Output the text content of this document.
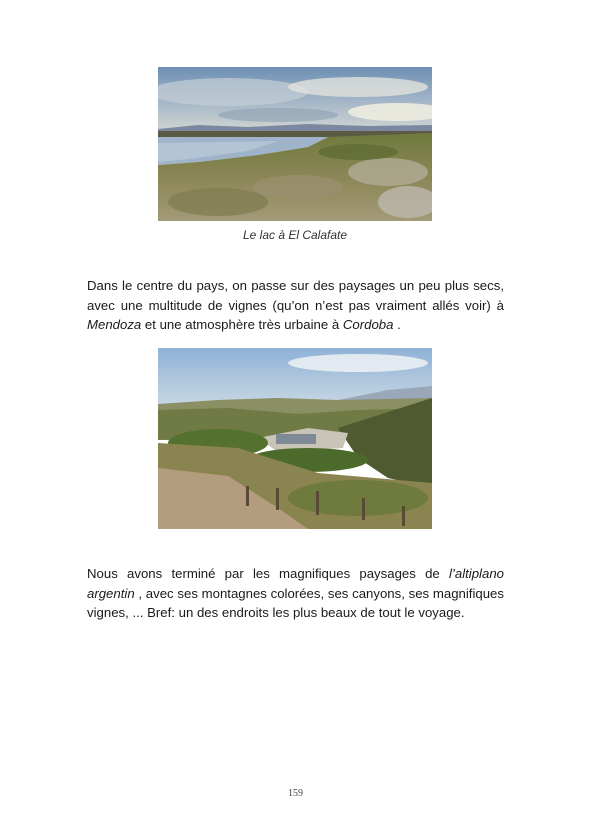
Le lac à El Calafate

Dans le centre du pays, on passe sur des paysages un peu plus secs, avec une multitude de vignes (qu’on n’est pas vraiment allés voir) à Mendoza et une atmosphère très urbaine à Cordoba .

Nous avons terminé par les magnifiques paysages de l’altiplano argentin , avec ses montagnes colorées, ses canyons, ses magnifiques vignes, ... Bref: un des endroits les plus beaux de tout le voyage.

159
